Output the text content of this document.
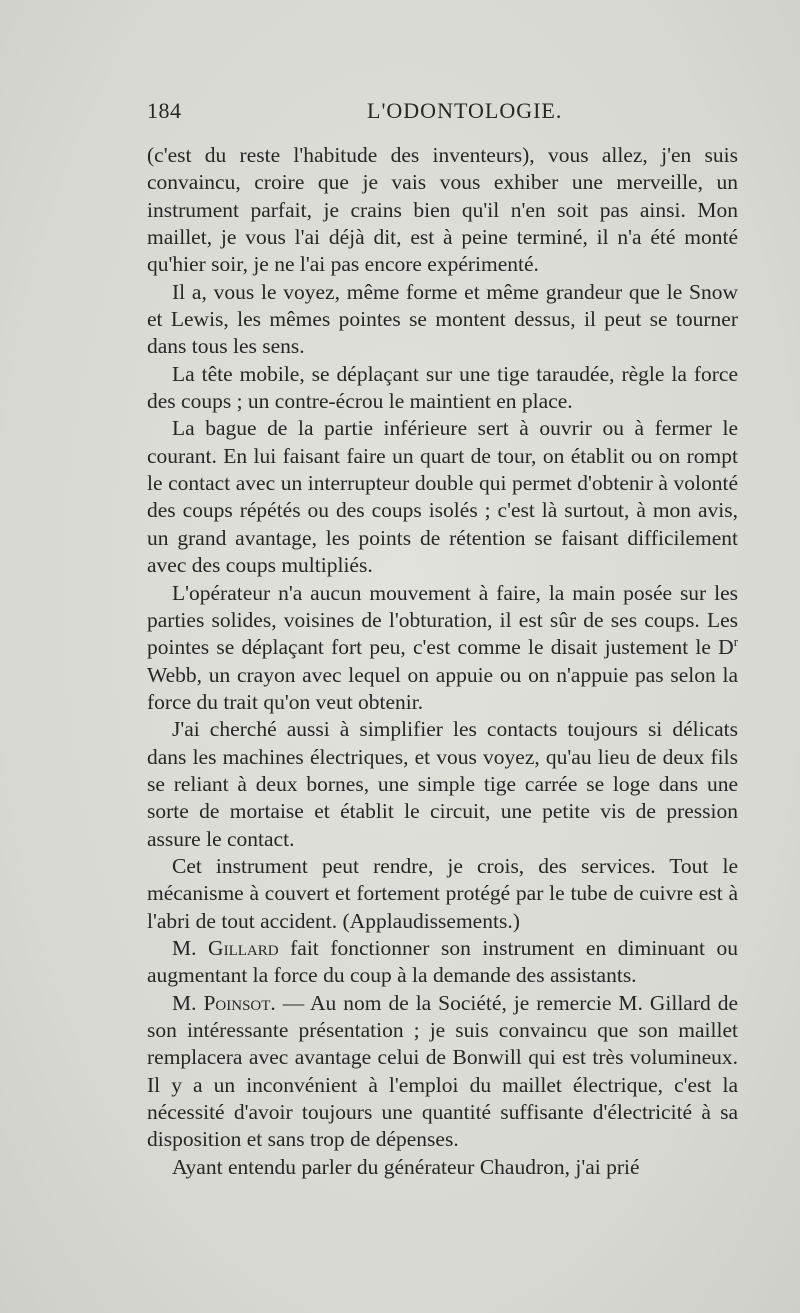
184	L'ODONTOLOGIE.

(c'est du reste l'habitude des inventeurs), vous allez, j'en suis convaincu, croire que je vais vous exhiber une merveille, un instrument parfait, je crains bien qu'il n'en soit pas ainsi. Mon maillet, je vous l'ai déjà dit, est à peine terminé, il n'a été monté qu'hier soir, je ne l'ai pas encore expérimenté.

Il a, vous le voyez, même forme et même grandeur que le Snow et Lewis, les mêmes pointes se montent dessus, il peut se tourner dans tous les sens.

La tête mobile, se déplaçant sur une tige taraudée, règle la force des coups ; un contre-écrou le maintient en place.

La bague de la partie inférieure sert à ouvrir ou à fermer le courant. En lui faisant faire un quart de tour, on établit ou on rompt le contact avec un interrupteur double qui permet d'obtenir à volonté des coups répétés ou des coups isolés ; c'est là surtout, à mon avis, un grand avantage, les points de rétention se faisant difficilement avec des coups multipliés.

L'opérateur n'a aucun mouvement à faire, la main posée sur les parties solides, voisines de l'obturation, il est sûr de ses coups. Les pointes se déplaçant fort peu, c'est comme le disait justement le $D^r$ Webb, un crayon avec lequel on appuie ou on n'appuie pas selon la force du trait qu'on veut obtenir.

J'ai cherché aussi à simplifier les contacts toujours si délicats dans les machines électriques, et vous voyez, qu'au lieu de deux fils se reliant à deux bornes, une simple tige carrée se loge dans une sorte de mortaise et établit le circuit, une petite vis de pression assure le contact.

Cet instrument peut rendre, je crois, des services. Tout le mécanisme à couvert et fortement protégé par le tube de cuivre est à l'abri de tout accident. (Applaudissements.)

M. Gillard fait fonctionner son instrument en diminuant ou augmentant la force du coup à la demande des assistants.

M. Poinsot. — Au nom de la Société, je remercie M. Gillard de son intéressante présentation ; je suis convaincu que son maillet remplacera avec avantage celui de Bonwill qui est très volumineux. Il y a un inconvénient à l'emploi du maillet électrique, c'est la nécessité d'avoir toujours une quantité suffisante d'électricité à sa disposition et sans trop de dépenses.

Ayant entendu parler du générateur Chaudron, j'ai prié
